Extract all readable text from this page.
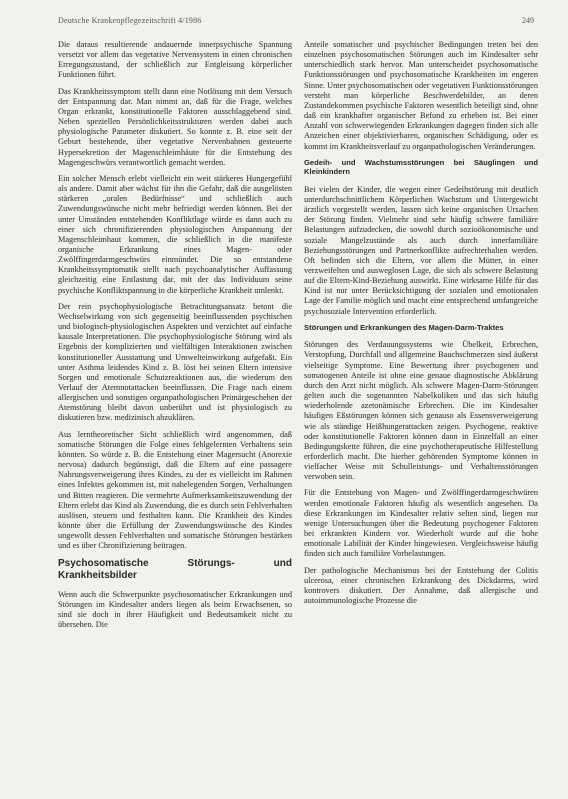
Deutsche Krankenpflegezeitschrift 4/1986	249

Die daraus resultierende andauernde innerpsychische Spannung versetzt vor allem das vegetative Nervensystem in einen chronischen Erregungszustand, der schließlich zur Entgleisung körperlicher Funktionen führt.

Das Krankheitssymptom stellt dann eine Notlösung mit dem Versuch der Entspannung dar. Man nimmt an, daß für die Frage, welches Organ erkrankt, konstitutionelle Faktoren ausschlaggebend sind. Neben speziellen Persönlichkeitsstrukturen werden dabei auch physiologische Parameter diskutiert. So konnte z. B. eine seit der Geburt bestehende, über vegetative Nervenbahnen gesteuerte Hypersekretion der Magenschleimhäute für die Entstehung des Magengeschwürs verantwortlich gemacht werden.

Ein solcher Mensch erlebt vielleicht ein weit stärkeres Hungergefühl als andere. Damit aber wächst für ihn die Gefahr, daß die ausgelösten stärkeren „oralen Bedürfnisse“ und schließlich auch Zuwendungswünsche nicht mehr befriedigt werden können. Bei der unter Umständen entstehenden Konfliktlage würde es dann auch zu einer sich chronifizierenden physiologischen Anspannung der Magenschleimhaut kommen, die schließlich in die manifeste organische Erkrankung eines Magen- oder Zwölffingerdarmgeschwürs einmündet. Die so entstandene Krankheitssymptomatik stellt nach psychoanalytischer Auffassung gleichzeitig eine Entlastung dar, mit der das Individuum seine psychische Konfliktspannung in die körperliche Krankheit umlenkt.

Der rein psychophysiologische Betrachtungsansatz betont die Wechselwirkung von sich gegenseitig beeinflussenden psychischen und biologisch-physiologischen Aspekten und verzichtet auf einfache kausale Interpretationen. Die psychophysiologische Störung wird als Ergebnis der komplizierten und vielfältigen Interaktionen zwischen konstitutioneller Ausstattung und Umwelteinwirkung aufgefaßt. Ein unter Asthma leidendes Kind z. B. löst bei seinen Eltern intensive Sorgen und emotionale Schutzreaktionen aus, die wiederum den Verlauf der Atemnotattacken beeinflussen. Die Frage nach einem allergischen und sonstigen organpathologischen Primärgeschehen der Atemstörung bleibt davon unberührt und ist physiologisch zu diskutieren bzw. medizinisch abzuklären.

Aus lerntheoretischer Sicht schließlich wird angenommen, daß somatische Störungen die Folge eines fehlgelernten Verhaltens sein könnten. So würde z. B. die Entstehung einer Magersucht (Anorexie nervosa) dadurch begünstigt, daß die Eltern auf eine passagere Nahrungsverweigerung ihres Kindes, zu der es vielleicht im Rahmen eines Infektes gekommen ist, mit nahelegenden Sorgen, Verhaltungen und Bitten reagieren. Die vermehrte Aufmerksamkeitszuwendung der Eltern erlebt das Kind als Zuwendung, die es durch sein Fehlverhalten auslösen, steuern und festhalten kann. Die Krankheit des Kindes könnte über die Erfüllung der Zuwendungswünsche des Kindes ungewollt dessen Fehlverhalten und somatische Störungen bestärken und es über Chronifizierung beitragen.

Psychosomatische Störungs- und Krankheitsbilder

Wenn auch die Schwerpunkte psychosomatischer Erkrankungen und Störungen im Kindesalter anders liegen als beim Erwachsenen, so sind sie doch in ihrer Häufigkeit und Bedeutsamkeit nicht zu übersehen. Die

Anteile somatischer und psychischer Bedingungen treten bei den einzelnen psychosomatischen Störungen auch im Kindesalter sehr unterschiedlich stark hervor. Man unterscheidet psychosomatische Funktionsstörungen und psychosomatische Krankheiten im engeren Sinne. Unter psychosomatischen oder vegetativen Funktionsstörungen versteht man körperliche Beschwerdebilder, an deren Zustandekommen psychische Faktoren wesentlich beteiligt sind, ohne daß ein krankhafter organischer Befund zu erheben ist. Bei einer Anzahl von schwerwiegenden Erkrankungen dagegen finden sich alle Anzeichen einer objektivierbaren, organischen Schädigung, oder es kommt im Krankheitsverlauf zu organpathologischen Veränderungen.

Gedeih- und Wachstumsstörungen bei Säuglingen und Kleinkindern

Bei vielen der Kinder, die wegen einer Gedeihstörung mit deutlich unterdurchschnittlichem Körperlichen Wachstum und Untergewicht ärztlich vorgestellt werden, lassen sich keine organischen Ursachen der Störung finden. Vielmehr sind sehr häufig schwere familiäre Belastungen aufzudecken, die sowohl durch sozioökonomische und soziale Mangelzustände als auch durch innerfamiliäre Beziehungsstörungen und Partnerkonflikte aufrechterhalten werden. Oft befinden sich die Eltern, vor allem die Mütter, in einer verzweifelten und ausweglosen Lage, die sich als schwere Belastung auf die Eltern-Kind-Beziehung auswirkt. Eine wirksame Hilfe für das Kind ist nur unter Berücksichtigung der sozialen und emotionalen Lage der Familie möglich und macht eine entsprechend umfangreiche psychosoziale Intervention erforderlich.

Störungen und Erkrankungen des Magen-Darm-Traktes

Störungen des Verdauungssystems wie Übelkeit, Erbrechen, Verstopfung, Durchfall und allgemeine Bauchschmerzen sind äußerst vielseitige Symptome. Eine Bewertung ihrer psychogenen und somatogenen Anteile ist ohne eine genaue diagnostische Abklärung durch den Arzt nicht möglich. Als schwere Magen-Darm-Störungen gelten auch die sogenannten Nabelkoliken und das sich häufig wiederholende azetonämische Erbrechen. Die im Kindesalter häufigen Eßstörungen können sich genauso als Essensverweigerung wie als ständige Heißhungerattacken zeigen. Psychogene, reaktive oder konstitutionelle Faktoren können dann in Einzelfall an einer Bedingungskette führen, die eine psychotherapeutische Hilfestellung erforderlich macht. Die hierher gehörenden Symptome können in vielfacher Weise mit Schulleistungs- und Verhaltensstörungen verwoben sein.

Für die Entstehung von Magen- und Zwölffingerdarmgeschwüren werden emotionale Faktoren häufig als wesentlich angesehen. Da diese Erkrankungen im Kindesalter relativ selten sind, liegen nur wenige Untersuchungen über die Bedeutung psychogener Faktoren bei erkrankten Kindern vor. Wiederholt wurde auf die hohe emotionale Labilität der Kinder hingewiesen. Vergleichsweise häufig finden sich auch familiäre Vorbelastungen.

Der pathologische Mechanismus bei der Entstehung der Colitis ulcerosa, einer chronischen Erkrankung des Dickdarms, wird kontrovers diskutiert. Der Annahme, daß allergische und autoimmunologische Prozesse die
